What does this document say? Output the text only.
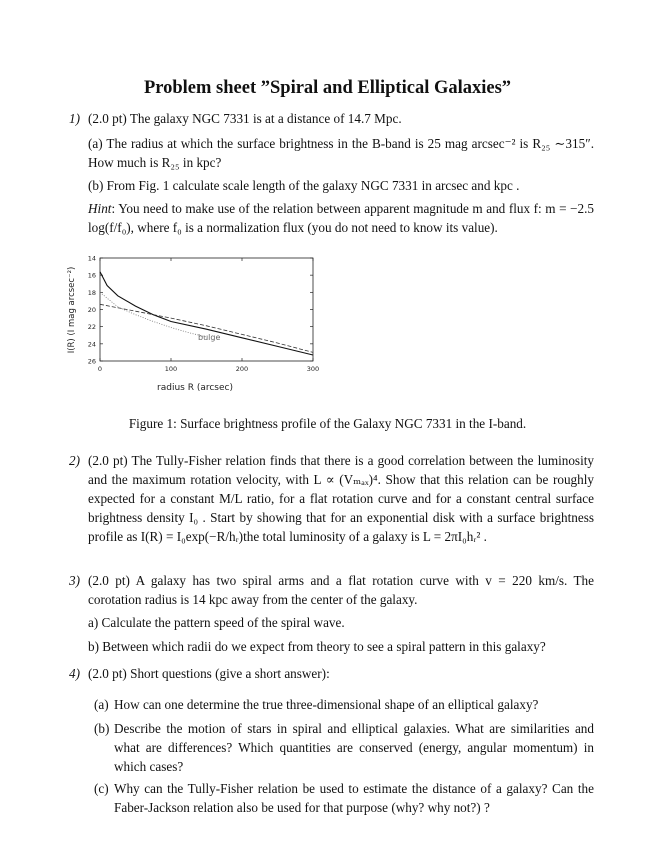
Problem sheet ”Spiral and Elliptical Galaxies”
1) (2.0 pt) The galaxy NGC 7331 is at a distance of 14.7 Mpc.
(a) The radius at which the surface brightness in the B-band is 25 mag arcsec⁻² is R₂₅ ∼315″. How much is R₂₅ in kpc?
(b) From Fig. 1 calculate scale length of the galaxy NGC 7331 in arcsec and kpc .
Hint: You need to make use of the relation between apparent magnitude m and flux f: m = −2.5 log(f/f₀), where f₀ is a normalization flux (you do not need to know its value).
14
16
18
20
22
24
26
0	100	200	300
bulge
radius R (arcsec)
I(R) (I mag arcsec⁻²)
Figure 1: Surface brightness profile of the Galaxy NGC 7331 in the I-band.
2) (2.0 pt) The Tully-Fisher relation finds that there is a good correlation between the luminosity and the maximum rotation velocity, with L ∝ (Vₘₐₓ)⁴. Show that this relation can be roughly expected for a constant M/L ratio, for a flat rotation curve and for a constant central surface brightness density I₀ . Start by showing that for an exponential disk with a surface brightness profile as I(R) = I₀exp(−R/hᵣ)the total luminosity of a galaxy is L = 2πI₀hᵣ² .
3) (2.0 pt) A galaxy has two spiral arms and a flat rotation curve with v = 220 km/s. The corotation radius is 14 kpc away from the center of the galaxy.
a) Calculate the pattern speed of the spiral wave.
b) Between which radii do we expect from theory to see a spiral pattern in this galaxy?
4) (2.0 pt) Short questions (give a short answer):
(a) How can one determine the true three-dimensional shape of an elliptical galaxy?
(b) Describe the motion of stars in spiral and elliptical galaxies. What are similarities and what are differences? Which quantities are conserved (energy, angular momentum) in which cases?
(c) Why can the Tully-Fisher relation be used to estimate the distance of a galaxy? Can the Faber-Jackson relation also be used for that purpose (why? why not?) ?
